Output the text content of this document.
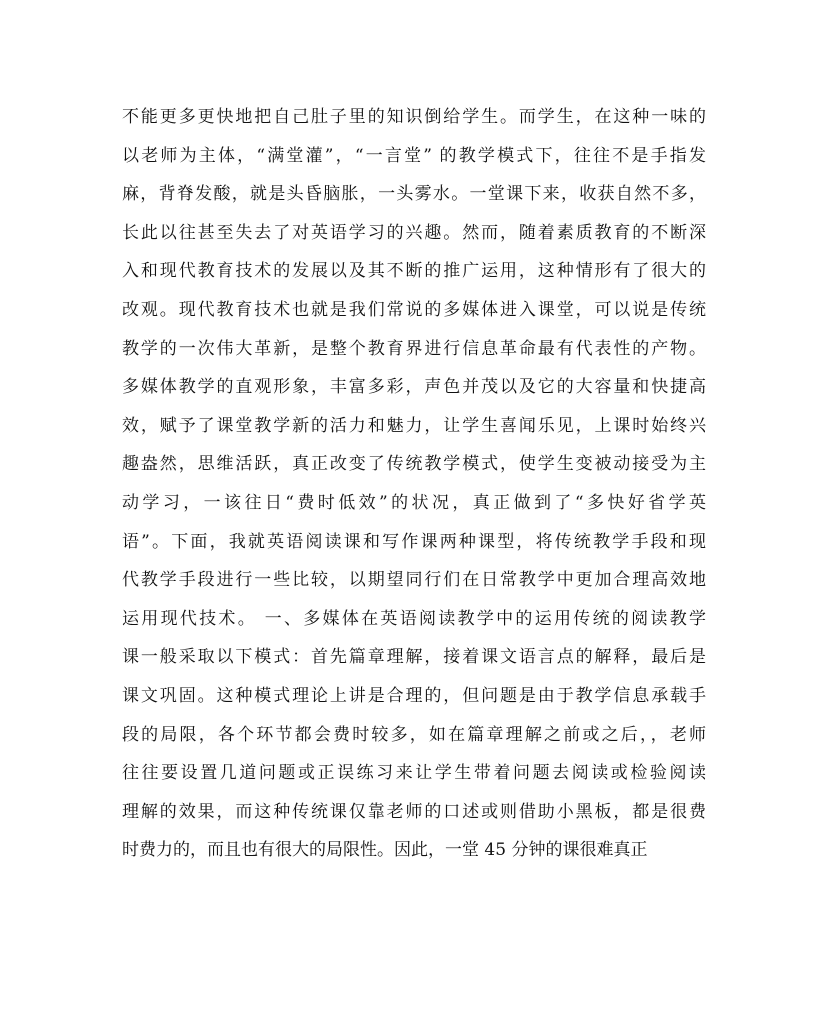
不能更多更快地把自己肚子里的知识倒给学生。而学生，在这种一味的
以老师为主体，“满堂灌”，“一言堂” 的教学模式下，往往不是手指发
麻，背脊发酸，就是头昏脑胀，一头雾水。一堂课下来，收获自然不多，
长此以往甚至失去了对英语学习的兴趣。然而，随着素质教育的不断深
入和现代教育技术的发展以及其不断的推广运用，这种情形有了很大的
改观。现代教育技术也就是我们常说的多媒体进入课堂，可以说是传统
教学的一次伟大革新，是整个教育界进行信息革命最有代表性的产物。
多媒体教学的直观形象，丰富多彩，声色并茂以及它的大容量和快捷高
效，赋予了课堂教学新的活力和魅力，让学生喜闻乐见，上课时始终兴
趣盎然，思维活跃，真正改变了传统教学模式，使学生变被动接受为主
动学习，一该往日“费时低效”的状况，真正做到了“多快好省学英
语”。下面，我就英语阅读课和写作课两种课型，将传统教学手段和现
代教学手段进行一些比较，以期望同行们在日常教学中更加合理高效地
运用现代技术。 一、多媒体在英语阅读教学中的运用传统的阅读教学
课一般采取以下模式：首先篇章理解，接着课文语言点的解释，最后是
课文巩固。这种模式理论上讲是合理的，但问题是由于教学信息承载手
段的局限，各个环节都会费时较多，如在篇章理解之前或之后，，老师
往往要设置几道问题或正误练习来让学生带着问题去阅读或检验阅读
理解的效果，而这种传统课仅靠老师的口述或则借助小黑板，都是很费
时费力的，而且也有很大的局限性。因此，一堂 45 分钟的课很难真正
